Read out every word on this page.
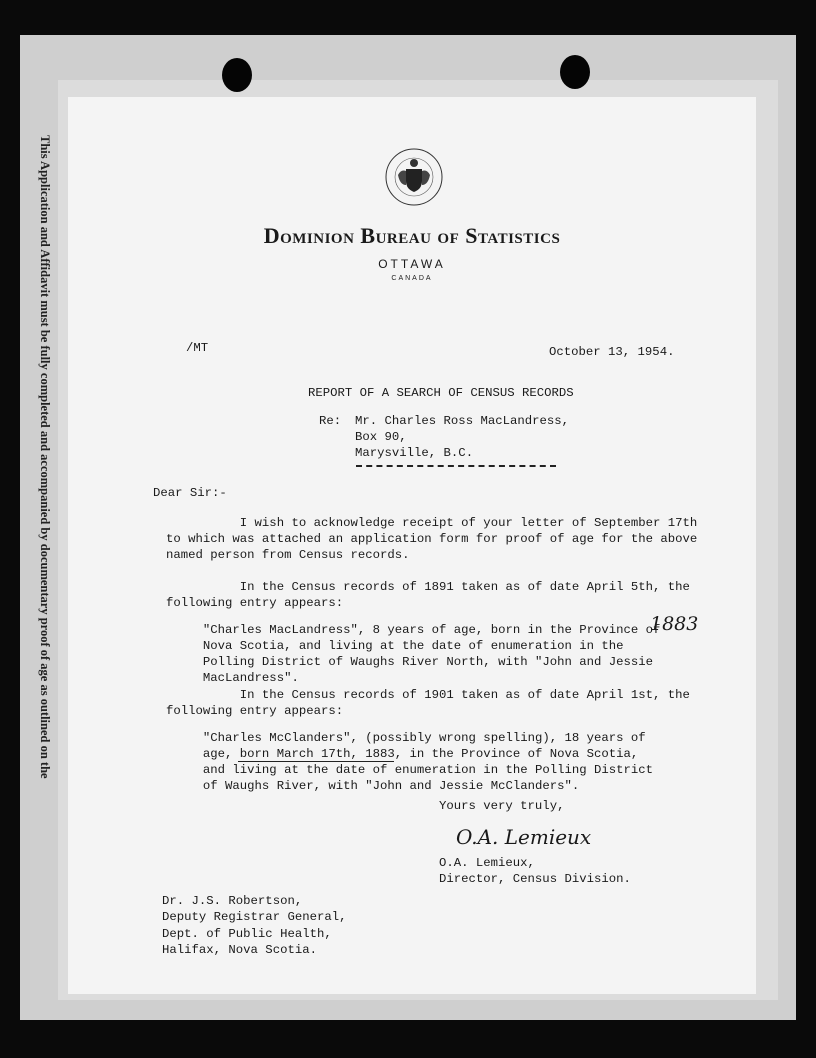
This Application and Affidavit must be fully completed and accompanied by documentary proof of age as outlined on the	Dominion Bureau of Statistics
OTTAWA
CANADA
/MT	October 13, 1954.
REPORT OF A SEARCH OF CENSUS RECORDS
Re: Mr. Charles Ross MacLandress,
Box 90,
Marysville, B.C.
Dear Sir:-
I wish to acknowledge receipt of your letter of September 17th
to which was attached an application form for proof of age for the above
named person from Census records.
In the Census records of 1891 taken as of date April 5th, the
following entry appears:
"Charles MacLandress", 8 years of age, born in the Province of
Nova Scotia, and living at the date of enumeration in the
Polling District of Waughs River North, with "John and Jessie
MacLandress".
1883
In the Census records of 1901 taken as of date April 1st, the
following entry appears:
"Charles McClanders", (possibly wrong spelling), 18 years of
age, born March 17th, 1883, in the Province of Nova Scotia,
and living at the date of enumeration in the Polling District
of Waughs River, with "John and Jessie McClanders".
Yours very truly,
O.A. Lemieux
O.A. Lemieux,
Director, Census Division.
Dr. J.S. Robertson,
Deputy Registrar General,
Dept. of Public Health,
Halifax, Nova Scotia.
